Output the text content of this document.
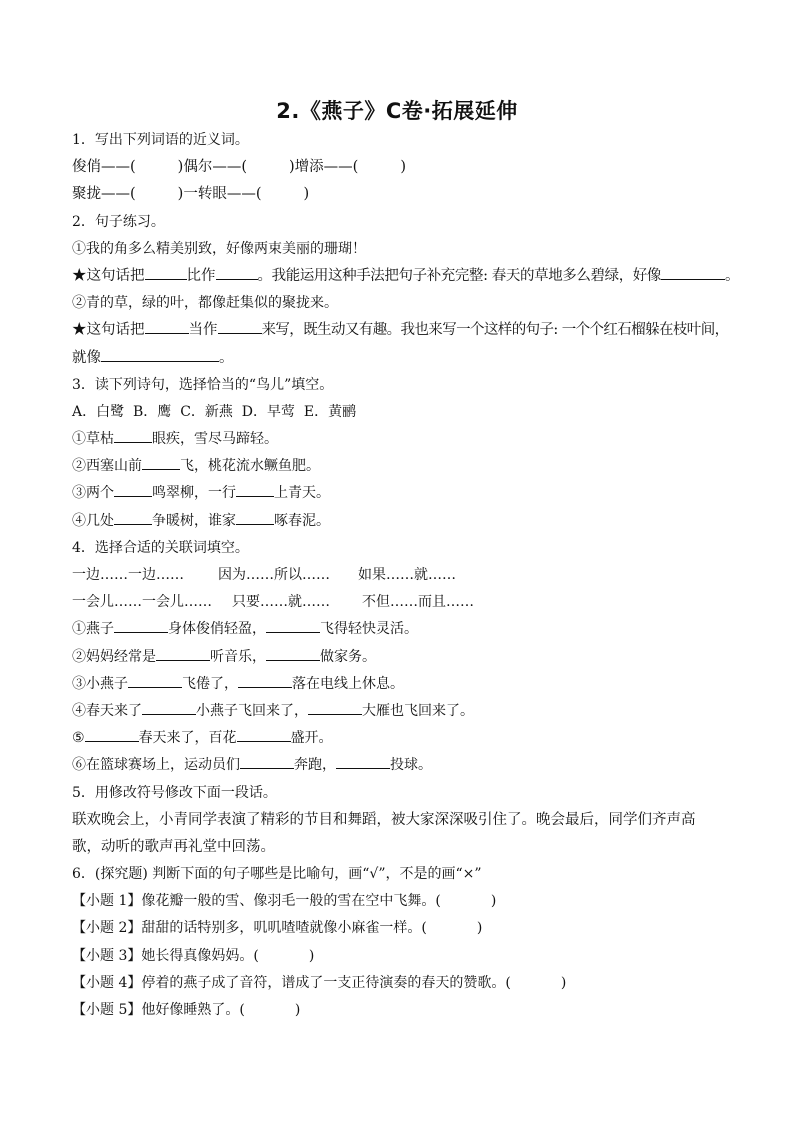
2.《燕子》C卷·拓展延伸
1．写出下列词语的近义词。
俊俏——(	)偶尔——(	)增添——(	)
聚拢——(	)一转眼——(	)
2．句子练习。
①我的角多么精美别致，好像两束美丽的珊瑚！
★这句话把	比作	。我能运用这种手法把句子补充完整: 春天的草地多么碧绿，好像	。
②青的草，绿的叶，都像赶集似的聚拢来。
★这句话把	当作	来写，既生动又有趣。我也来写一个这样的句子: 一个个红石榴躲在枝叶间，
就像	。
3．读下列诗句，选择恰当的“鸟儿”填空。
A．白鹭  B．鹰  C．新燕  D．早莺  E．黄鹂
①草枯	眼疾，雪尽马蹄轻。
②西塞山前	飞，桃花流水鳜鱼肥。
③两个	鸣翠柳，一行	上青天。
④几处	争暖树，谁家	啄春泥。
4．选择合适的关联词填空。
一边……一边…… 因为……所以…… 如果……就……
一会儿……一会儿…… 只要……就…… 不但……而且……
①燕子	身体俊俏轻盈，	飞得轻快灵活。
②妈妈经常是	听音乐，	做家务。
③小燕子	飞倦了，	落在电线上休息。
④春天来了	小燕子飞回来了，	大雁也飞回来了。
⑤	春天来了，百花	盛开。
⑥在篮球赛场上，运动员们	奔跑，	投球。
5．用修改符号修改下面一段话。
联欢晚会上，小青同学表演了精彩的节目和舞蹈，被大家深深吸引住了。晚会最后，同学们齐声高歌，动听的歌声再礼堂中回荡。
6．(探究题) 判断下面的句子哪些是比喻句，画“√”，不是的画“×”
【小题 1】像花瓣一般的雪、像羽毛一般的雪在空中飞舞。(	)
【小题 2】甜甜的话特别多，叽叽喳喳就像小麻雀一样。(	)
【小题 3】她长得真像妈妈。(	)
【小题 4】停着的燕子成了音符，谱成了一支正待演奏的春天的赞歌。(	)
【小题 5】他好像睡熟了。(	)
